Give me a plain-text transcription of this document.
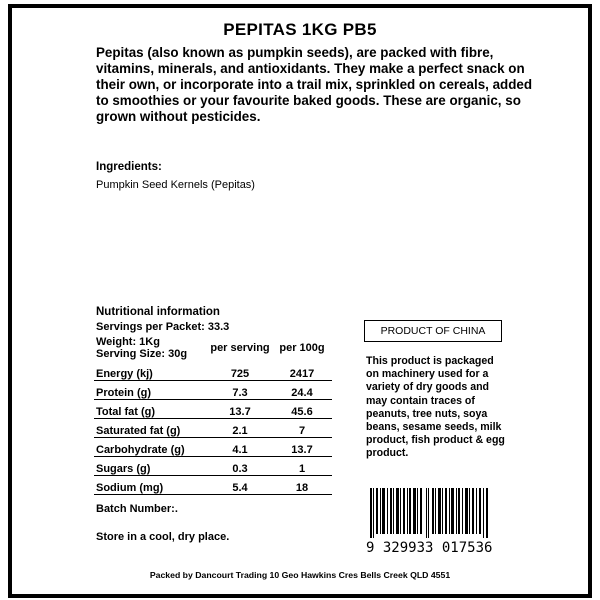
PEPITAS 1KG PB5
Pepitas (also known as pumpkin seeds), are packed with fibre, vitamins, minerals, and antioxidants. They make a perfect snack on their own, or incorporate into a trail mix, sprinkled on cereals, added to smoothies or your favourite baked goods. These are organic, so grown without pesticides.
Ingredients:
Pumpkin Seed Kernels (Pepitas)
Nutritional information
Servings per Packet: 33.3
Weight: 1Kg
Serving Size: 30g	per serving	per 100g
Energy (kj)	725	2417
Protein (g)	7.3	24.4
Total fat (g)	13.7	45.6
Saturated fat (g)	2.1	7
Carbohydrate (g)	4.1	13.7
Sugars (g)	0.3	1
Sodium (mg)	5.4	18
Batch Number:.
Store in a cool, dry place.
PRODUCT OF CHINA
This product is packaged on machinery used for a variety of dry goods and may contain traces of peanuts, tree nuts, soya beans, sesame seeds, milk product, fish product & egg product.
9 329933 017536
Packed by Dancourt Trading 10 Geo Hawkins Cres Bells Creek QLD 4551
